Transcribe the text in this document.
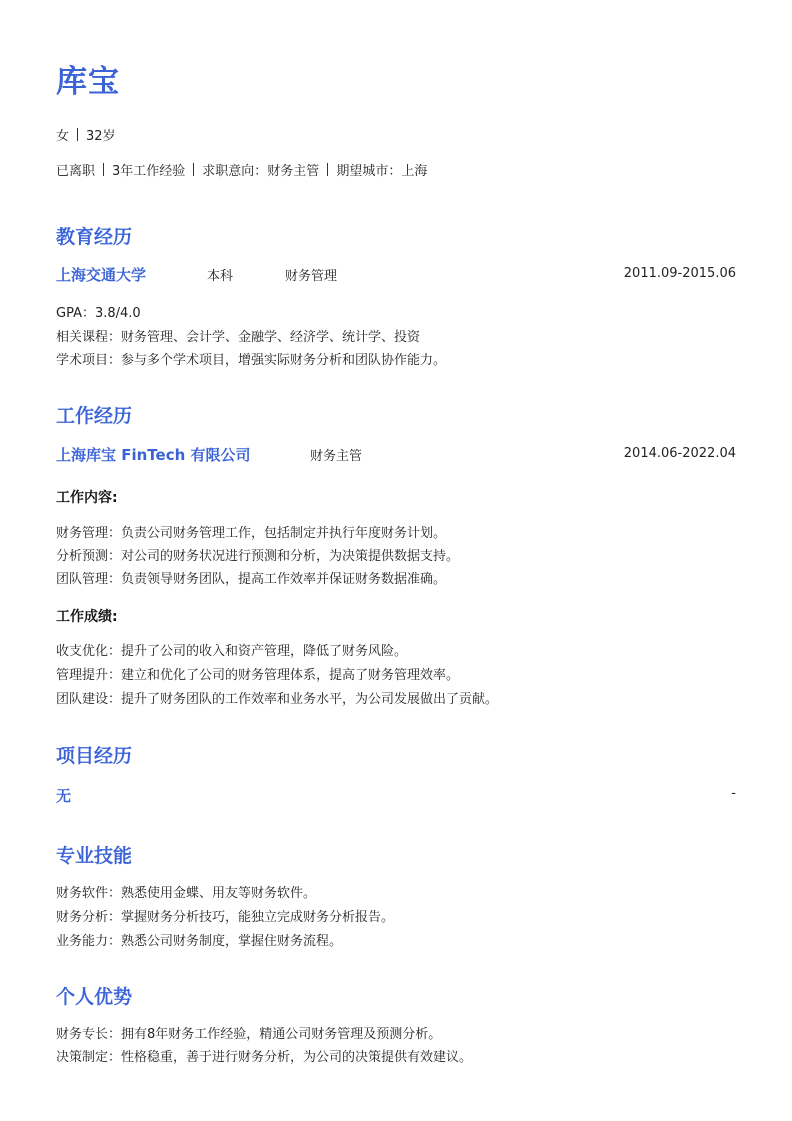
库宝
女 32岁
已离职 3年工作经验 求职意向：财务主管 期望城市：上海
教育经历
上海交通大学	本科	财务管理	2011.09-2015.06
GPA：3.8/4.0
相关课程：财务管理、会计学、金融学、经济学、统计学、投资
学术项目：参与多个学术项目，增强实际财务分析和团队协作能力。
工作经历
上海库宝 FinTech 有限公司	财务主管	2014.06-2022.04
工作内容:
财务管理：负责公司财务管理工作，包括制定并执行年度财务计划。
分析预测：对公司的财务状况进行预测和分析，为决策提供数据支持。
团队管理：负责领导财务团队，提高工作效率并保证财务数据准确。
工作成绩:
收支优化：提升了公司的收入和资产管理，降低了财务风险。
管理提升：建立和优化了公司的财务管理体系，提高了财务管理效率。
团队建设：提升了财务团队的工作效率和业务水平，为公司发展做出了贡献。
项目经历
无	-
专业技能
财务软件：熟悉使用金蝶、用友等财务软件。
财务分析：掌握财务分析技巧，能独立完成财务分析报告。
业务能力：熟悉公司财务制度，掌握住财务流程。
个人优势
财务专长：拥有8年财务工作经验，精通公司财务管理及预测分析。
决策制定：性格稳重，善于进行财务分析，为公司的决策提供有效建议。
